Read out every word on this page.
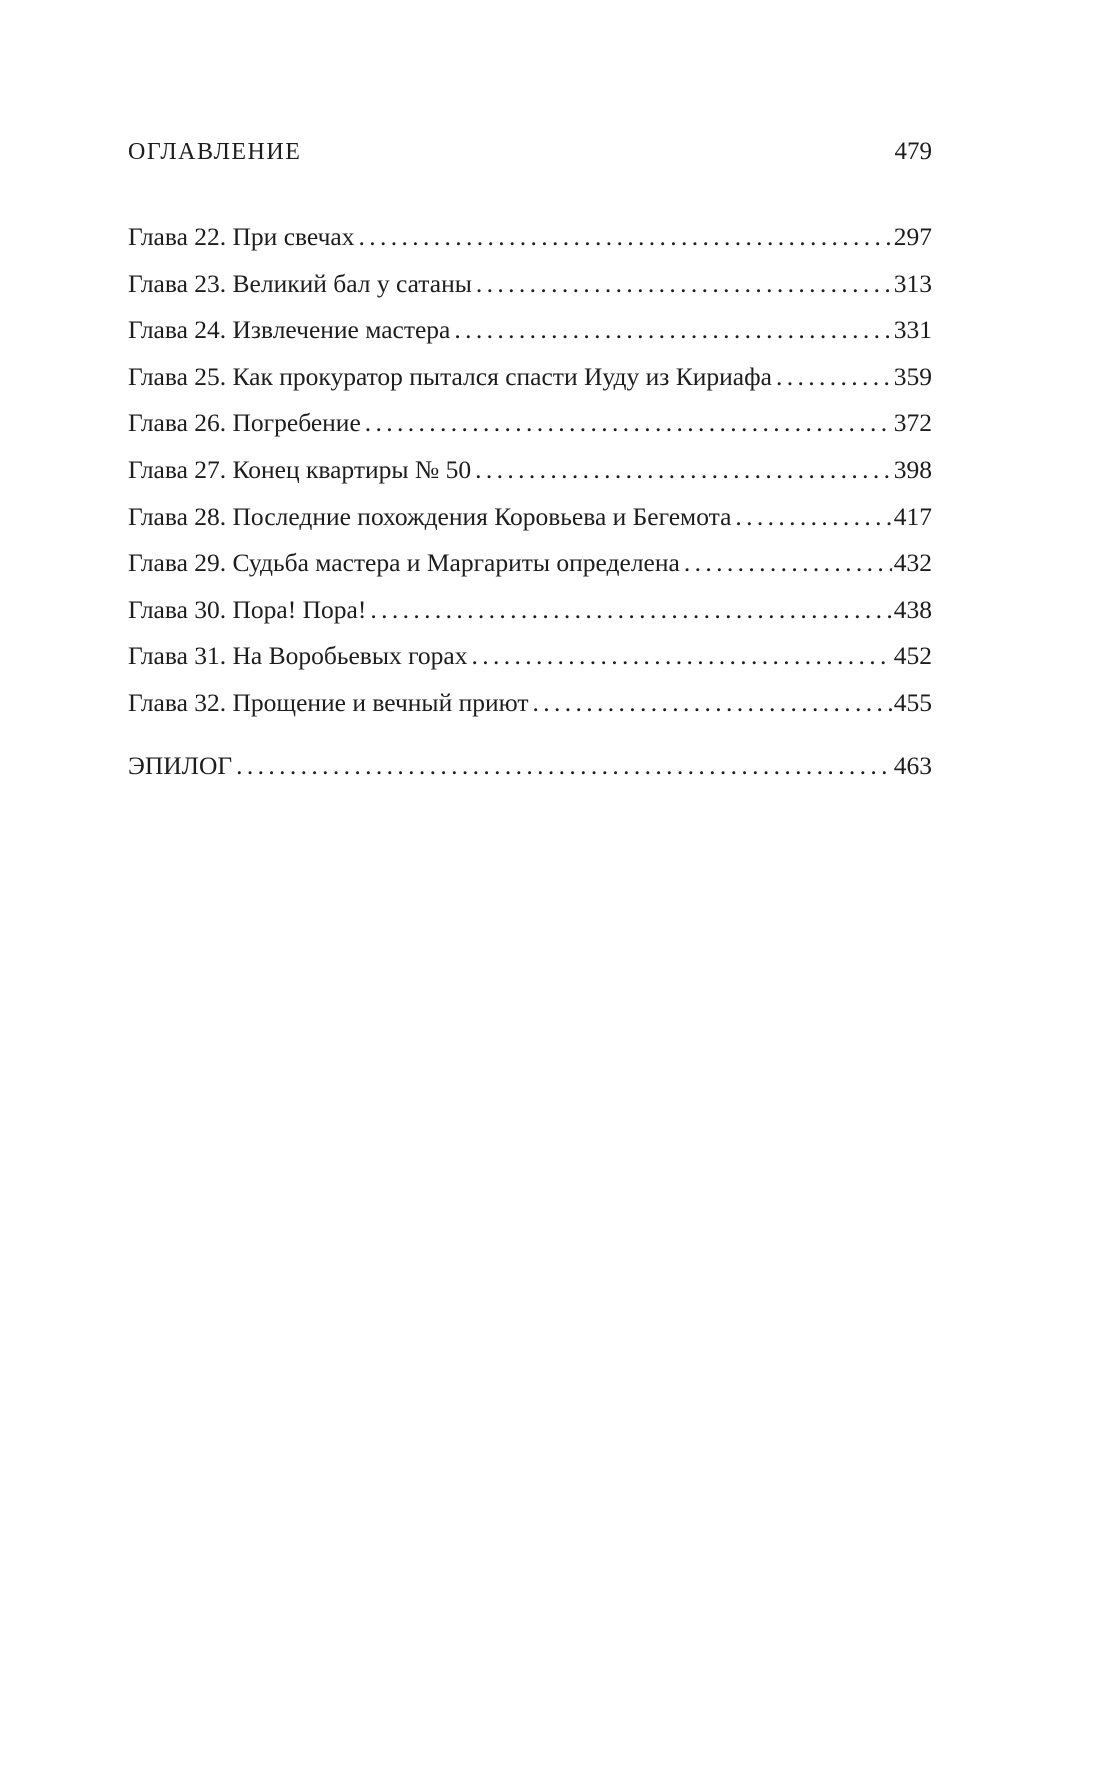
ОГЛАВЛЕНИЕ	479
Глава 22. При свечах . . .	297
Глава 23. Великий бал у сатаны . . .	313
Глава 24. Извлечение мастера . . .	331
Глава 25. Как прокуратор пытался спасти Иуду из Кириафа . . .	359
Глава 26. Погребение . . .	372
Глава 27. Конец квартиры № 50 . . .	398
Глава 28. Последние похождения Коровьева и Бегемота . . .	417
Глава 29. Судьба мастера и Маргариты определена . . .	432
Глава 30. Пора! Пора! . . .	438
Глава 31. На Воробьевых горах . . .	452
Глава 32. Прощение и вечный приют . . .	455
ЭПИЛОГ . . .	463
